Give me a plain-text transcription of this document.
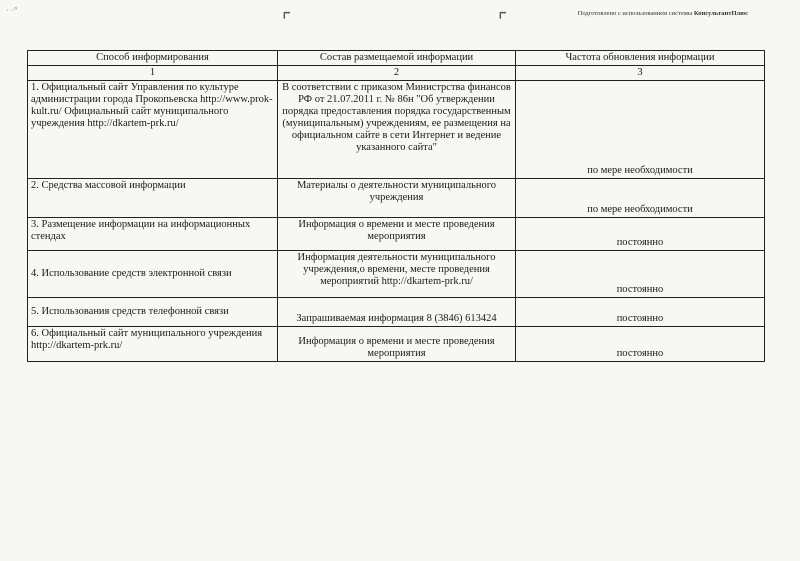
· ·°	⌜	⌜	Подготовлено с использованием системы КонсультантПлюс
Способ информирования	Состав размещаемой информации	Частота обновления информации
1	2	3
1. Официальный сайт Управления по культуре администрации города Прокопьевска http://www.prok-kult.ru/ Официальный сайт муниципального учреждения http://dkartem-prk.ru/	В соответствии с приказом Министрства финансов РФ от 21.07.2011 г. № 86н "Об утверждении порядка предоставления порядка государственным (муниципальным) учреждениям, ее размещения на официальном сайте в сети Интернет и ведение указанного сайта"	по мере необходимости
2. Средства массовой информации	Материалы о деятельности муниципального учреждения	по мере необходимости
3. Размещение информации на информационных стендах	Информация о времени и месте проведения мероприятия	постоянно
4. Использование средств электронной связи	Информация деятельности муниципального учреждения,о времени, месте проведения мероприятий http://dkartem-prk.ru/	постоянно
5. Использования средств телефонной связи	Запрашиваемая информация 8 (3846) 613424	постоянно
6. Официальный сайт муниципального учреждения http://dkartem-prk.ru/	Информация о времени и месте проведения мероприятия	постоянно
